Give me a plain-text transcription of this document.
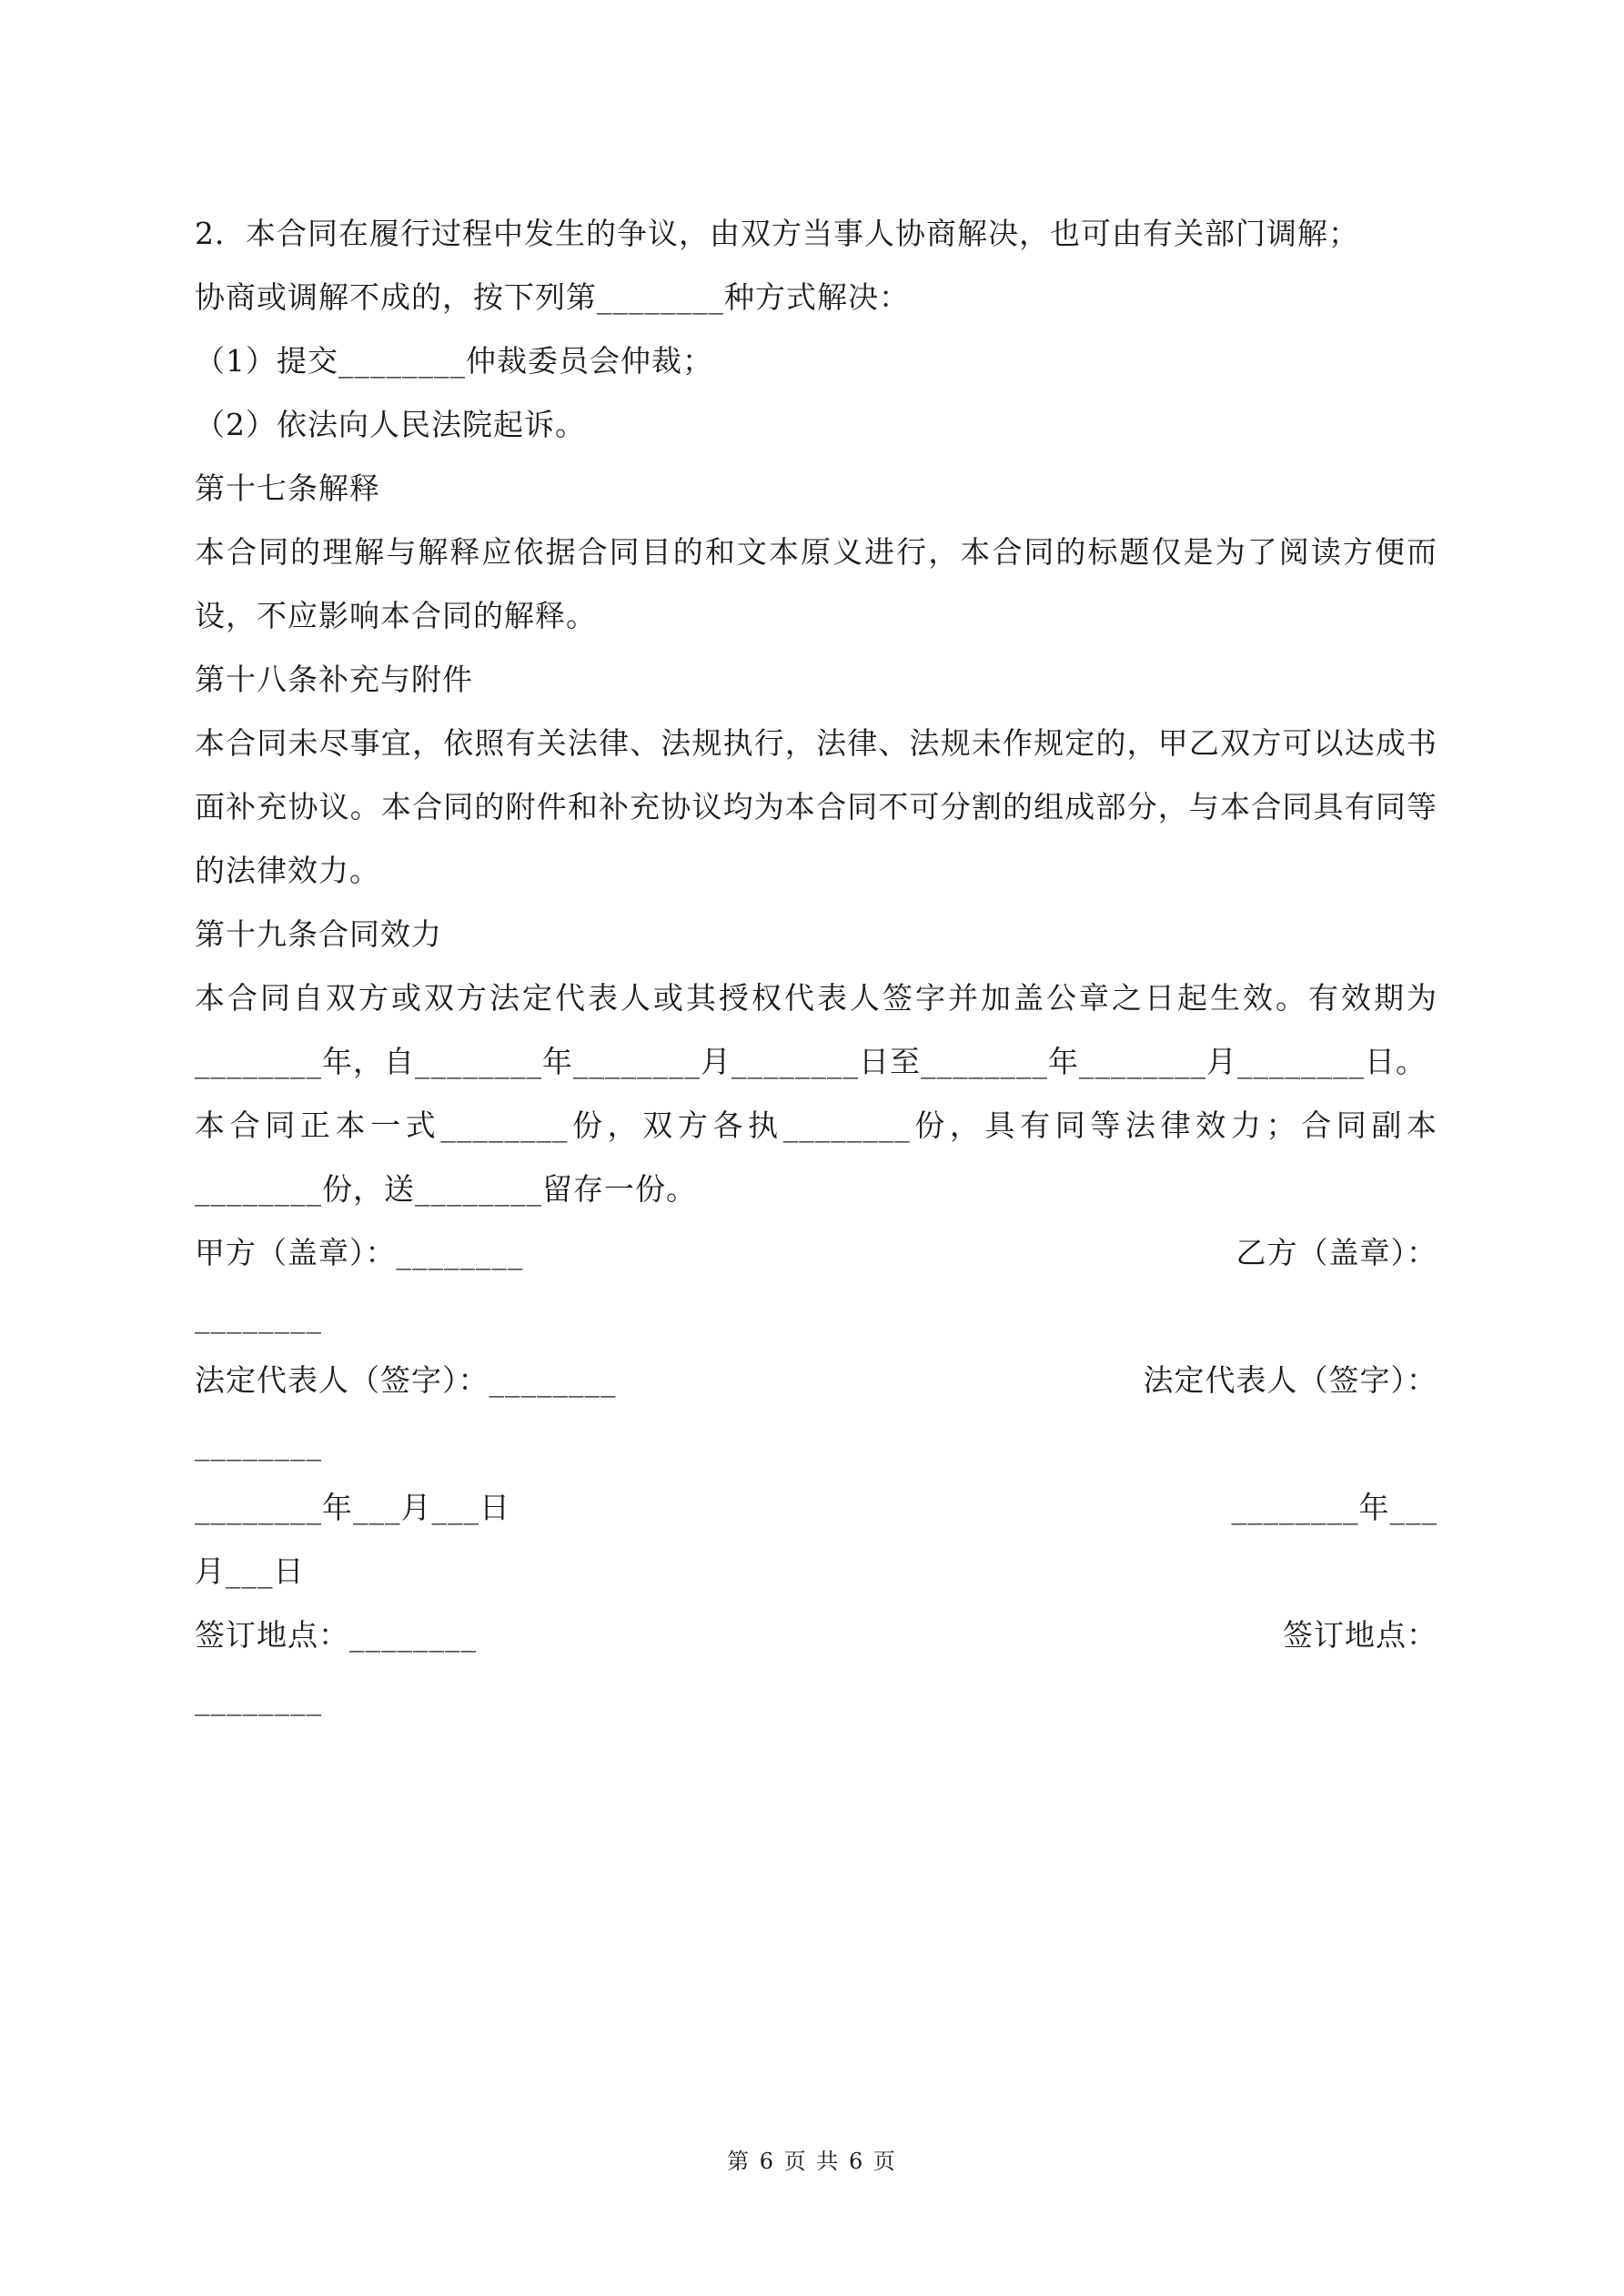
2．本合同在履行过程中发生的争议，由双方当事人协商解决，也可由有关部门调解；
协商或调解不成的，按下列第________种方式解决：
（1）提交________仲裁委员会仲裁；
（2）依法向人民法院起诉。
第十七条解释
本合同的理解与解释应依据合同目的和文本原义进行，本合同的标题仅是为了阅读方便而设，不应影响本合同的解释。
第十八条补充与附件
本合同未尽事宜，依照有关法律、法规执行，法律、法规未作规定的，甲乙双方可以达成书面补充协议。本合同的附件和补充协议均为本合同不可分割的组成部分，与本合同具有同等的法律效力。
第十九条合同效力
本合同自双方或双方法定代表人或其授权代表人签字并加盖公章之日起生效。有效期为________年，自________年________月________日至________年________月________日。
本合同正本一式________份，双方各执________份，具有同等法律效力；合同副本________份，送________留存一份。
甲方（盖章）：________	乙方（盖章）：
________
法定代表人（签字）：________	法定代表人（签字）：
________
________年___月___日	________年___
月___日
签订地点：________	签订地点：
________
第 6 页 共 6 页
